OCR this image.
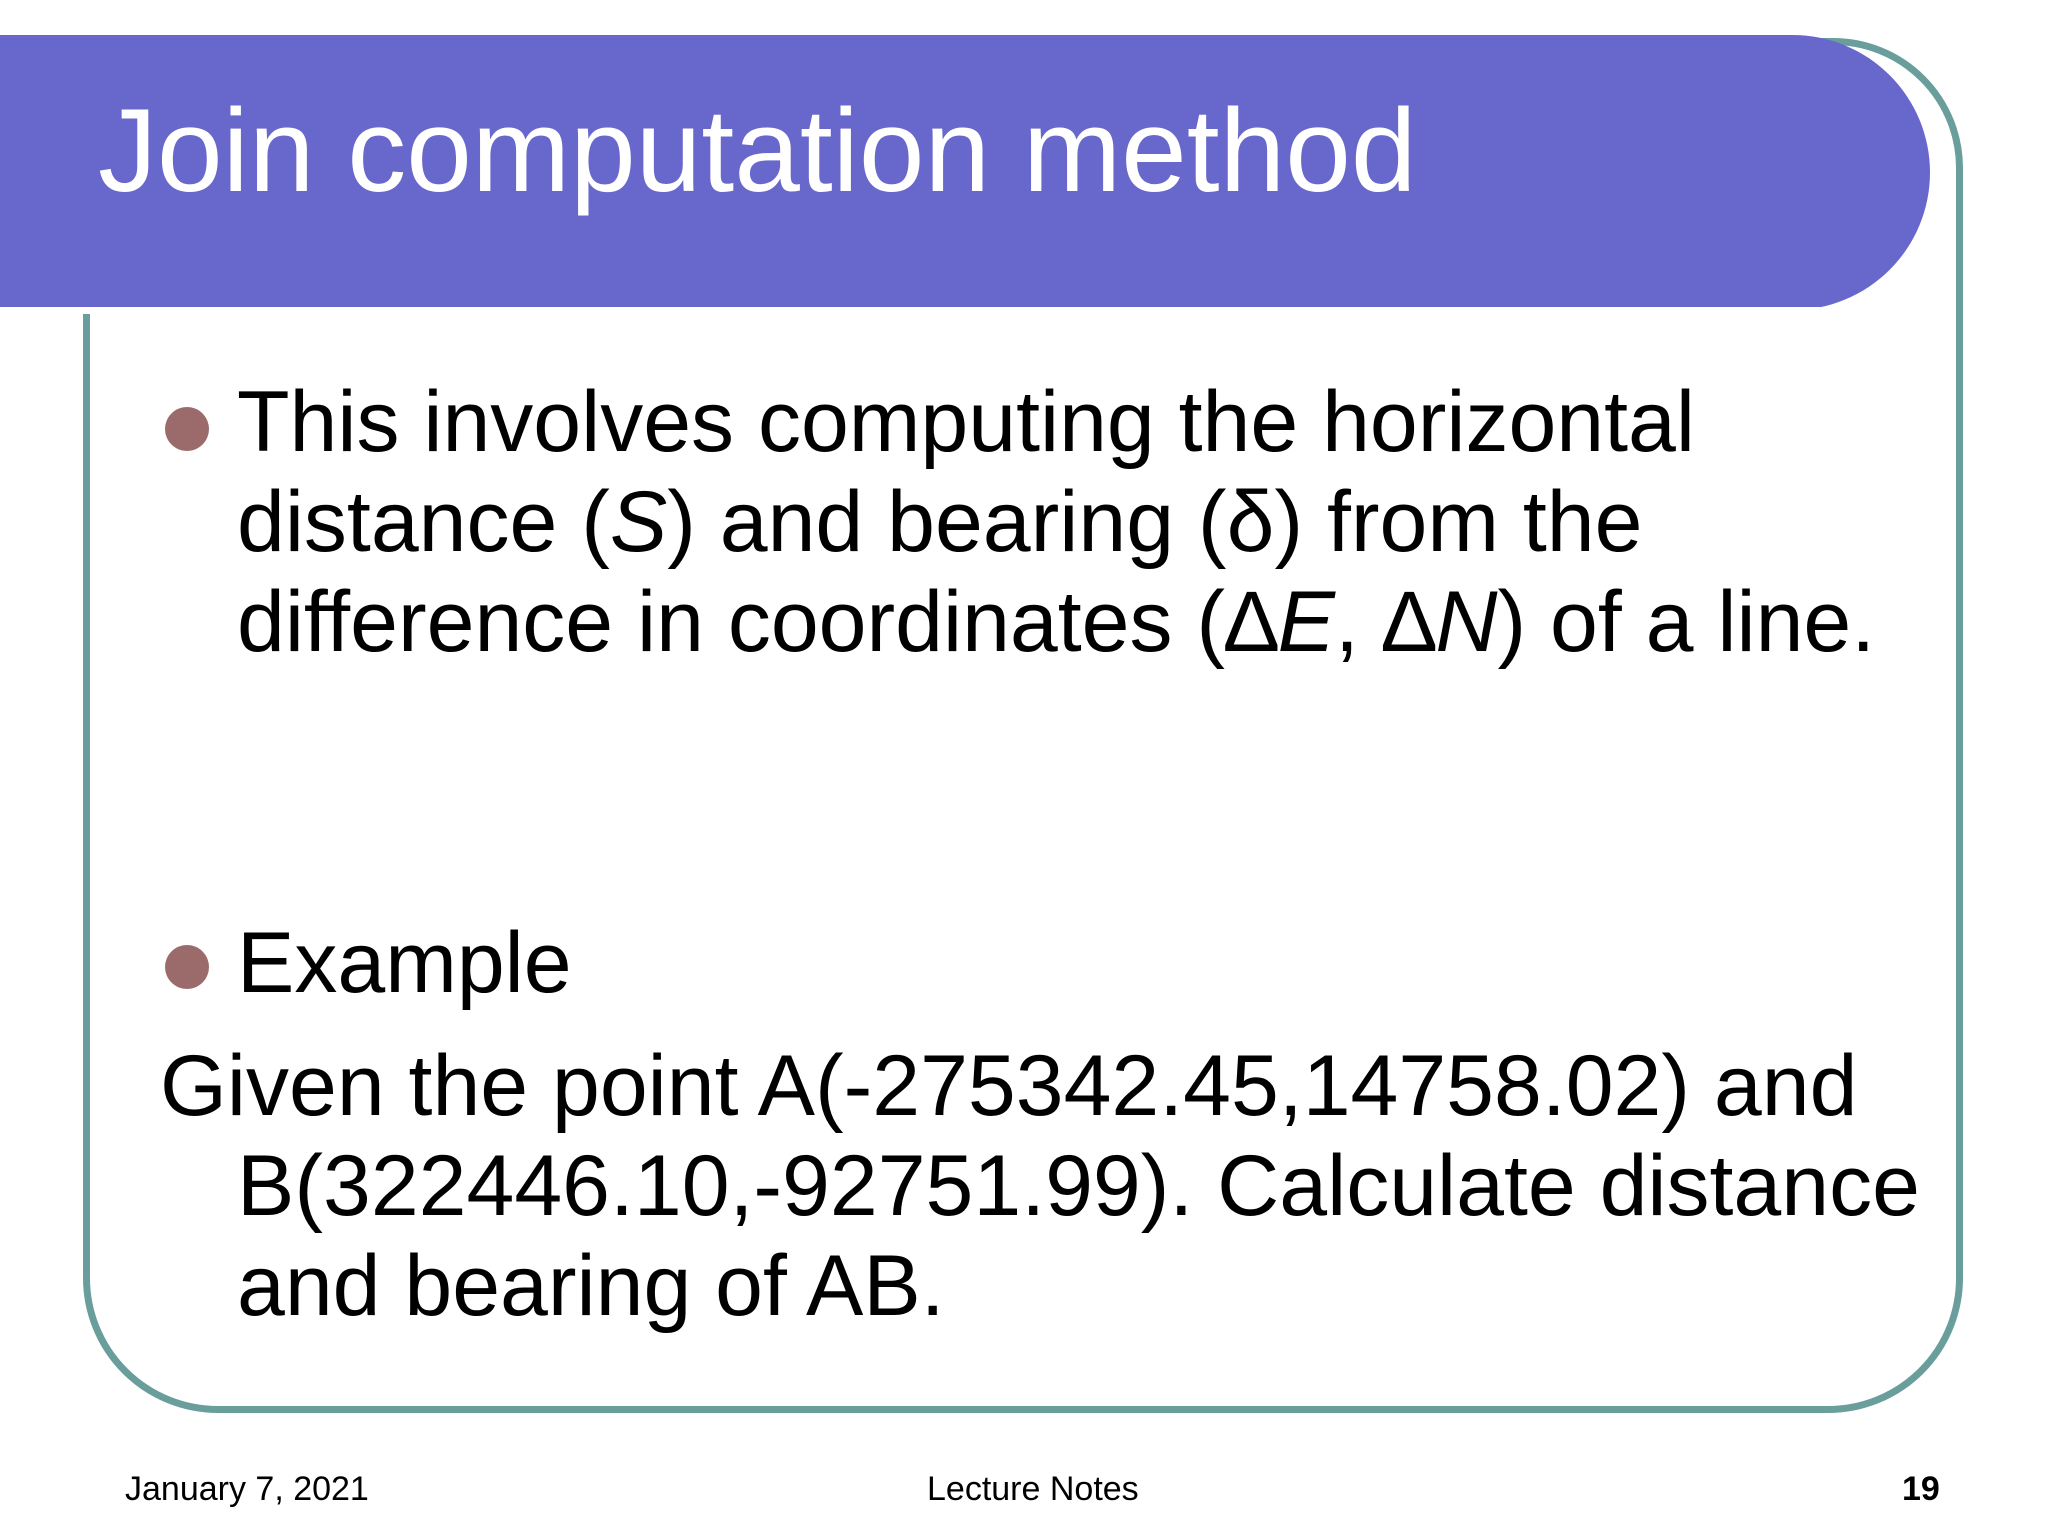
Join computation method

This involves computing the horizontal distance (S) and bearing (δ) from the difference in coordinates (∆E, ∆N) of a line.

Example

Given the point A(-275342.45,14758.02) and B(322446.10,-92751.99). Calculate distance and bearing of AB.

January 7, 2021	Lecture Notes	19
